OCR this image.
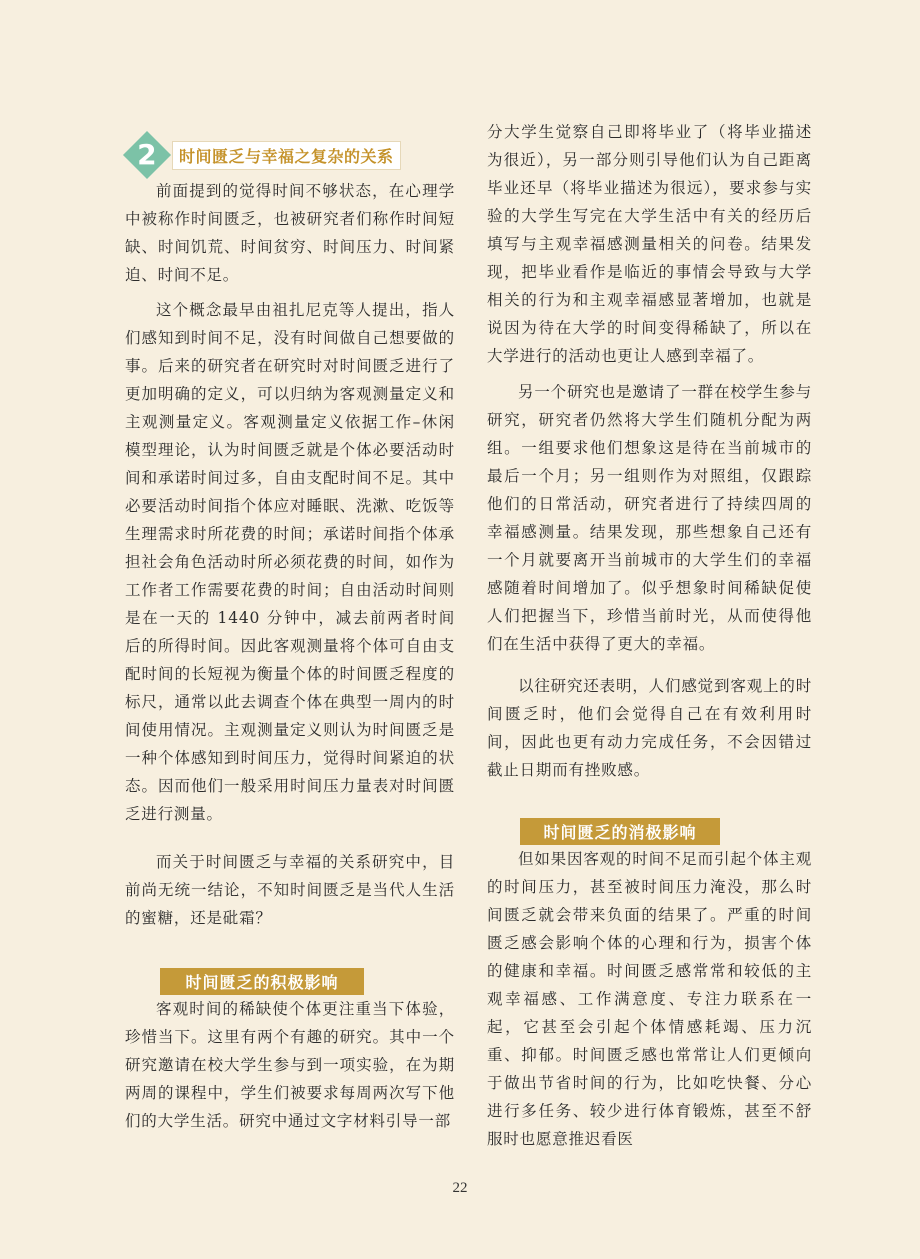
2	时间匮乏与幸福之复杂的关系

前面提到的觉得时间不够状态，在心理学中被称作时间匮乏，也被研究者们称作时间短缺、时间饥荒、时间贫穷、时间压力、时间紧迫、时间不足。

这个概念最早由祖扎尼克等人提出，指人们感知到时间不足，没有时间做自己想要做的事。后来的研究者在研究时对时间匮乏进行了更加明确的定义，可以归纳为客观测量定义和主观测量定义。客观测量定义依据工作–休闲模型理论，认为时间匮乏就是个体必要活动时间和承诺时间过多，自由支配时间不足。其中必要活动时间指个体应对睡眠、洗漱、吃饭等生理需求时所花费的时间；承诺时间指个体承担社会角色活动时所必须花费的时间，如作为工作者工作需要花费的时间；自由活动时间则是在一天的 1440 分钟中，减去前两者时间后的所得时间。因此客观测量将个体可自由支配时间的长短视为衡量个体的时间匮乏程度的标尺，通常以此去调查个体在典型一周内的时间使用情况。主观测量定义则认为时间匮乏是一种个体感知到时间压力，觉得时间紧迫的状态。因而他们一般采用时间压力量表对时间匮乏进行测量。

而关于时间匮乏与幸福的关系研究中，目前尚无统一结论，不知时间匮乏是当代人生活的蜜糖，还是砒霜？

客观时间的稀缺使个体更注重当下体验，珍惜当下。这里有两个有趣的研究。其中一个研究邀请在校大学生参与到一项实验，在为期两周的课程中，学生们被要求每周两次写下他们的大学生活。研究中通过文字材料引导一部

时间匮乏的积极影响

分大学生觉察自己即将毕业了（将毕业描述为很近），另一部分则引导他们认为自己距离毕业还早（将毕业描述为很远），要求参与实验的大学生写完在大学生活中有关的经历后填写与主观幸福感测量相关的问卷。结果发现，把毕业看作是临近的事情会导致与大学相关的行为和主观幸福感显著增加，也就是说因为待在大学的时间变得稀缺了，所以在大学进行的活动也更让人感到幸福了。

另一个研究也是邀请了一群在校学生参与研究，研究者仍然将大学生们随机分配为两组。一组要求他们想象这是待在当前城市的最后一个月；另一组则作为对照组，仅跟踪他们的日常活动，研究者进行了持续四周的幸福感测量。结果发现，那些想象自己还有一个月就要离开当前城市的大学生们的幸福感随着时间增加了。似乎想象时间稀缺促使人们把握当下，珍惜当前时光，从而使得他们在生活中获得了更大的幸福。

以往研究还表明，人们感觉到客观上的时间匮乏时，他们会觉得自己在有效利用时间，因此也更有动力完成任务，不会因错过截止日期而有挫败感。

但如果因客观的时间不足而引起个体主观的时间压力，甚至被时间压力淹没，那么时间匮乏就会带来负面的结果了。严重的时间匮乏感会影响个体的心理和行为，损害个体的健康和幸福。时间匮乏感常常和较低的主观幸福感、工作满意度、专注力联系在一起，它甚至会引起个体情感耗竭、压力沉重、抑郁。时间匮乏感也常常让人们更倾向于做出节省时间的行为，比如吃快餐、分心进行多任务、较少进行体育锻炼，甚至不舒服时也愿意推迟看医

时间匮乏的消极影响
22
